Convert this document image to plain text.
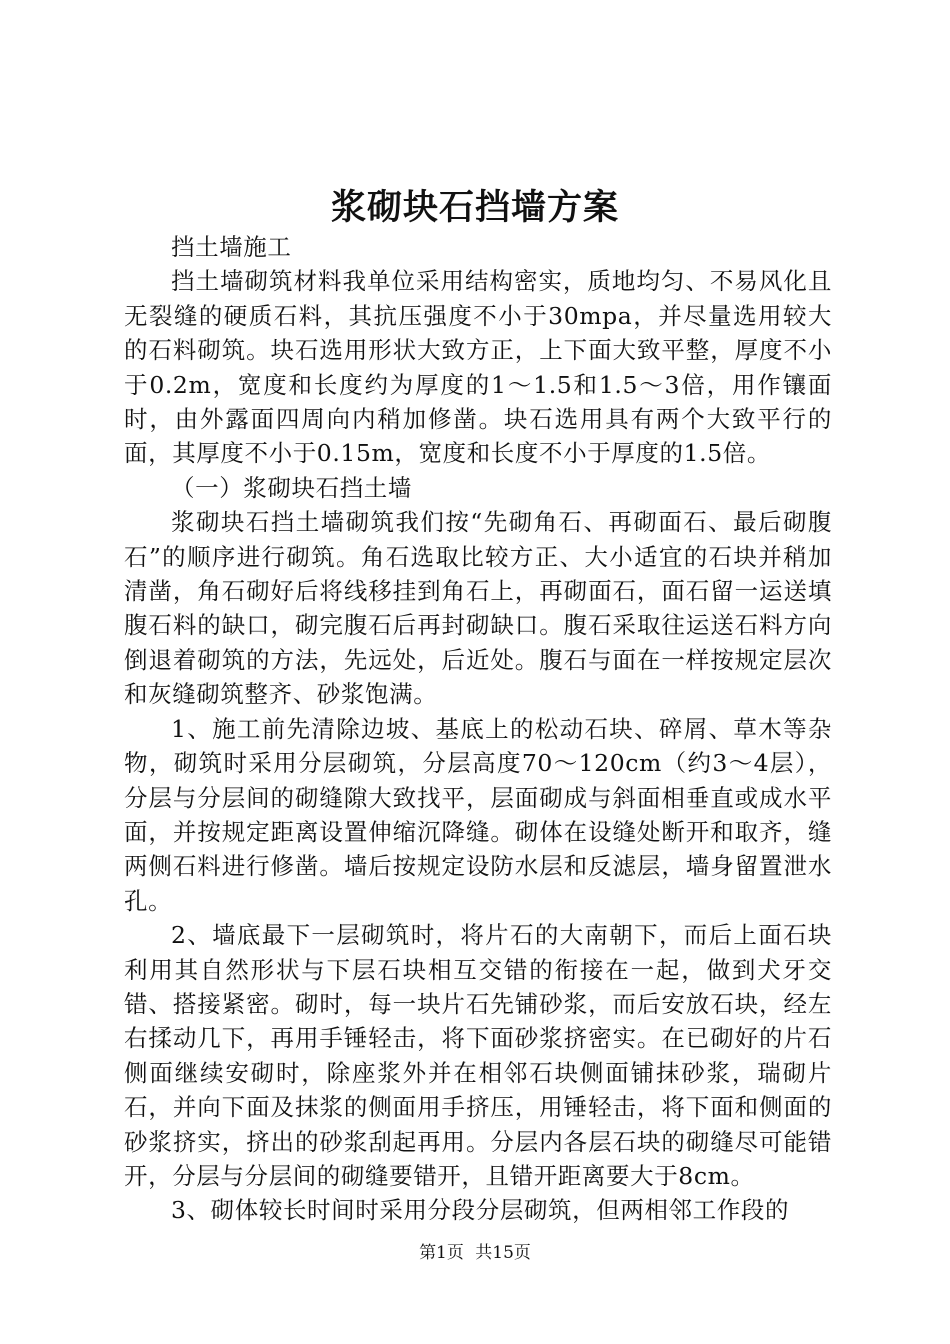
浆砌块石挡墙方案

挡土墙施工

挡土墙砌筑材料我单位采用结构密实，质地均匀、不易风化且无裂缝的硬质石料，其抗压强度不小于30mpa，并尽量选用较大的石料砌筑。块石选用形状大致方正，上下面大致平整，厚度不小于0.2m，宽度和长度约为厚度的1～1.5和1.5～3倍，用作镶面时，由外露面四周向内稍加修凿。块石选用具有两个大致平行的面，其厚度不小于0.15m，宽度和长度不小于厚度的1.5倍。

（一）浆砌块石挡土墙

浆砌块石挡土墙砌筑我们按“先砌角石、再砌面石、最后砌腹石”的顺序进行砌筑。角石选取比较方正、大小适宜的石块并稍加清凿，角石砌好后将线移挂到角石上，再砌面石，面石留一运送填腹石料的缺口，砌完腹石后再封砌缺口。腹石采取往运送石料方向倒退着砌筑的方法，先远处，后近处。腹石与面在一样按规定层次和灰缝砌筑整齐、砂浆饱满。

1、施工前先清除边坡、基底上的松动石块、碎屑、草木等杂物，砌筑时采用分层砌筑，分层高度70～120cm（约3～4层），分层与分层间的砌缝隙大致找平，层面砌成与斜面相垂直或成水平面，并按规定距离设置伸缩沉降缝。砌体在设缝处断开和取齐，缝两侧石料进行修凿。墙后按规定设防水层和反滤层，墙身留置泄水孔。

2、墙底最下一层砌筑时，将片石的大南朝下，而后上面石块利用其自然形状与下层石块相互交错的衔接在一起，做到犬牙交错、搭接紧密。砌时，每一块片石先铺砂浆，而后安放石块，经左右揉动几下，再用手锤轻击，将下面砂浆挤密实。在已砌好的片石侧面继续安砌时，除座浆外并在相邻石块侧面铺抹砂浆，瑞砌片石，并向下面及抹浆的侧面用手挤压，用锤轻击，将下面和侧面的砂浆挤实，挤出的砂浆刮起再用。分层内各层石块的砌缝尽可能错开，分层与分层间的砌缝要错开，且错开距离要大于8cm。

3、砌体较长时间时采用分段分层砌筑，但两相邻工作段的

第1页 共15页
